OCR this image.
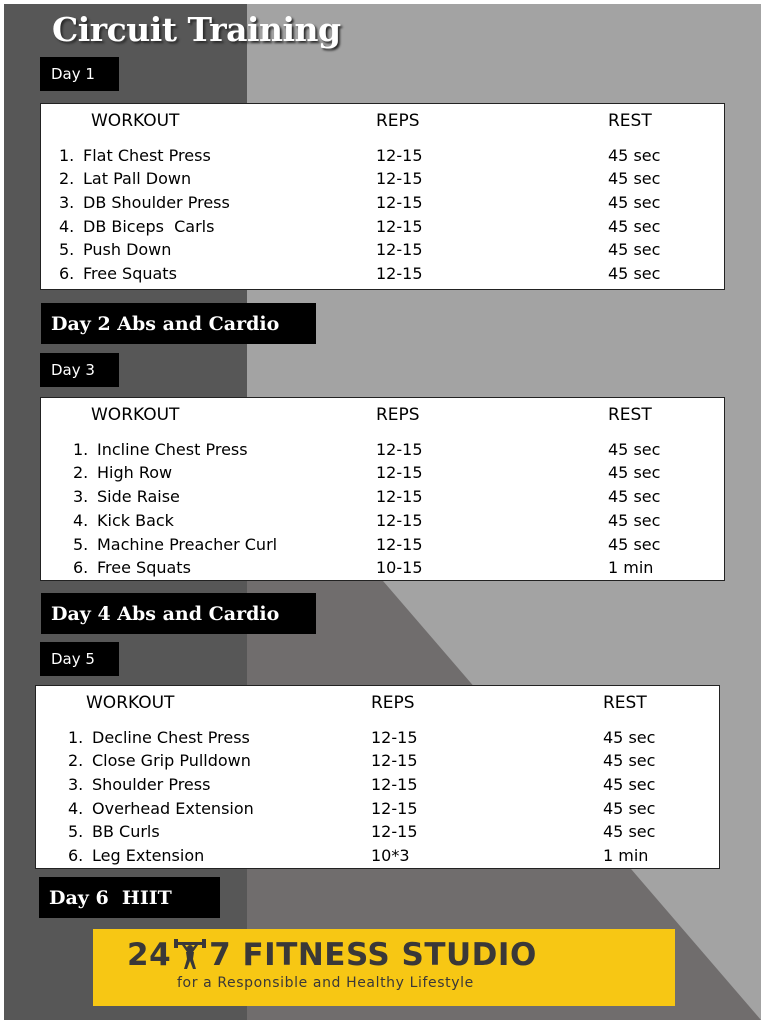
Circuit Training
Day 1
WORKOUT	REPS	REST
1. Flat Chest Press	12-15	45 sec
2. Lat Pall Down	12-15	45 sec
3. DB Shoulder Press	12-15	45 sec
4. DB Biceps  Carls	12-15	45 sec
5. Push Down	12-15	45 sec
6. Free Squats	12-15	45 sec
Day 2 Abs and Cardio
Day 3
WORKOUT	REPS	REST
1. Incline Chest Press	12-15	45 sec
2. High Row	12-15	45 sec
3. Side Raise	12-15	45 sec
4. Kick Back	12-15	45 sec
5. Machine Preacher Curl	12-15	45 sec
6. Free Squats	10-15	1 min
Day 4 Abs and Cardio
Day 5
WORKOUT	REPS	REST
1. Decline Chest Press	12-15	45 sec
2. Close Grip Pulldown	12-15	45 sec
3. Shoulder Press	12-15	45 sec
4. Overhead Extension	12-15	45 sec
5. BB Curls	12-15	45 sec
6. Leg Extension	10*3	1 min
Day 6  HIIT
24 7 FITNESS STUDIO
for a Responsible and Healthy Lifestyle
